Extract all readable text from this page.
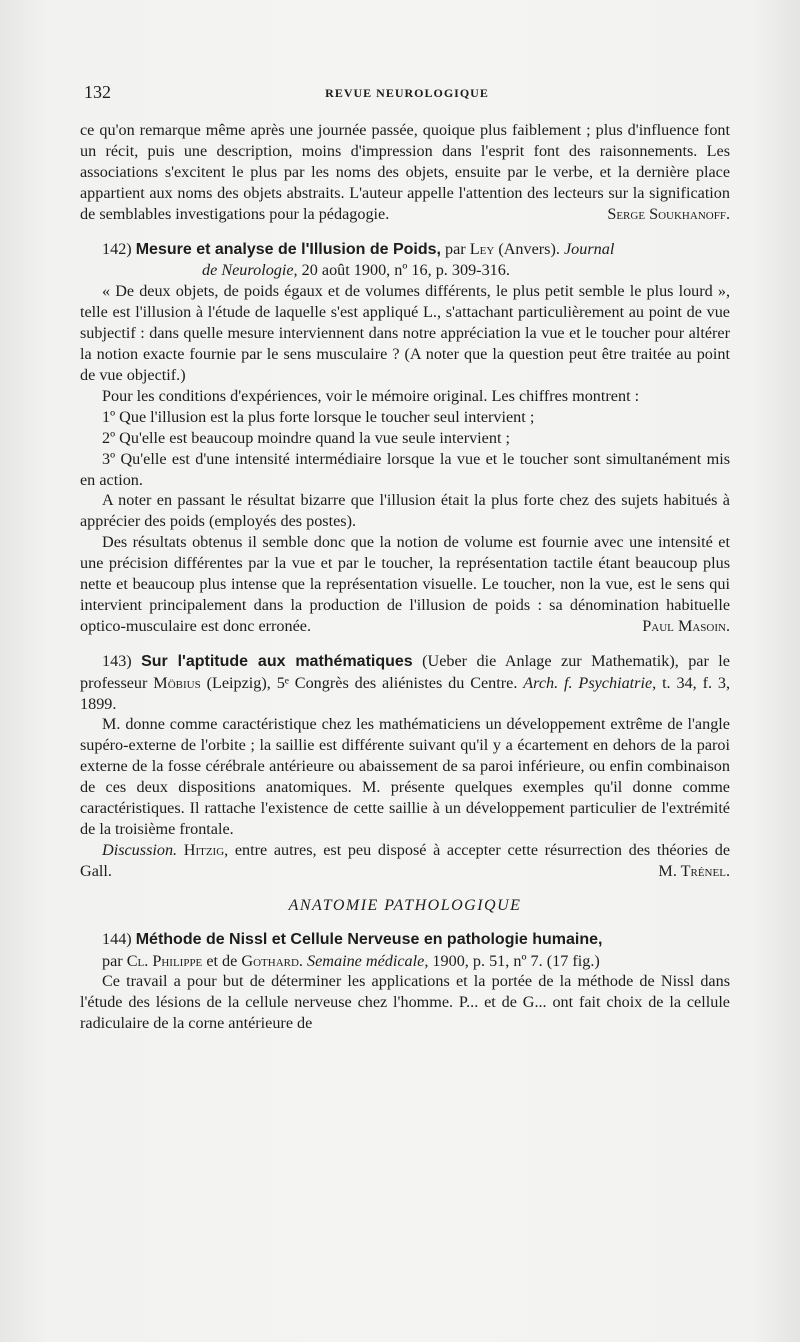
132	REVUE NEUROLOGIQUE

ce qu'on remarque même après une journée passée, quoique plus faiblement ; plus d'influence font un récit, puis une description, moins d'impression dans l'esprit font des raisonnements. Les associations s'excitent le plus par les noms des objets, ensuite par le verbe, et la dernière place appartient aux noms des objets abstraits. L'auteur appelle l'attention des lecteurs sur la signification de semblables investigations pour la pédagogie.	Serge Soukhanoff.

142) Mesure et analyse de l'Illusion de Poids, par Ley (Anvers). Journal

de Neurologie, 20 août 1900, nº 16, p. 309-316.

« De deux objets, de poids égaux et de volumes différents, le plus petit semble le plus lourd », telle est l'illusion à l'étude de laquelle s'est appliqué L., s'attachant particulièrement au point de vue subjectif : dans quelle mesure interviennent dans notre appréciation la vue et le toucher pour altérer la notion exacte fournie par le sens musculaire ? (A noter que la question peut être traitée au point de vue objectif.)

Pour les conditions d'expériences, voir le mémoire original. Les chiffres montrent :

1º Que l'illusion est la plus forte lorsque le toucher seul intervient ;

2º Qu'elle est beaucoup moindre quand la vue seule intervient ;

3º Qu'elle est d'une intensité intermédiaire lorsque la vue et le toucher sont simultanément mis en action.

A noter en passant le résultat bizarre que l'illusion était la plus forte chez des sujets habitués à apprécier des poids (employés des postes).

Des résultats obtenus il semble donc que la notion de volume est fournie avec une intensité et une précision différentes par la vue et par le toucher, la représentation tactile étant beaucoup plus nette et beaucoup plus intense que la représentation visuelle. Le toucher, non la vue, est le sens qui intervient principalement dans la production de l'illusion de poids : sa dénomination habituelle optico-musculaire est donc erronée.	Paul Masoin.

143) Sur l'aptitude aux mathématiques (Ueber die Anlage zur Mathematik), par le professeur Möbius (Leipzig), 5ᵉ Congrès des aliénistes du Centre. Arch. f. Psychiatrie, t. 34, f. 3, 1899.

M. donne comme caractéristique chez les mathématiciens un développement extrême de l'angle supéro-externe de l'orbite ; la saillie est différente suivant qu'il y a écartement en dehors de la paroi externe de la fosse cérébrale antérieure ou abaissement de sa paroi inférieure, ou enfin combinaison de ces deux dispositions anatomiques. M. présente quelques exemples qu'il donne comme caractéristiques. Il rattache l'existence de cette saillie à un développement particulier de l'extrémité de la troisième frontale.

Discussion. Hitzig, entre autres, est peu disposé à accepter cette résurrection des théories de Gall.	M. Trénel.

ANATOMIE PATHOLOGIQUE

144) Méthode de Nissl et Cellule Nerveuse en pathologie humaine,

par Cl. Philippe et de Gothard. Semaine médicale, 1900, p. 51, nº 7. (17 fig.)

Ce travail a pour but de déterminer les applications et la portée de la méthode de Nissl dans l'étude des lésions de la cellule nerveuse chez l'homme. P... et de G... ont fait choix de la cellule radiculaire de la corne antérieure de
